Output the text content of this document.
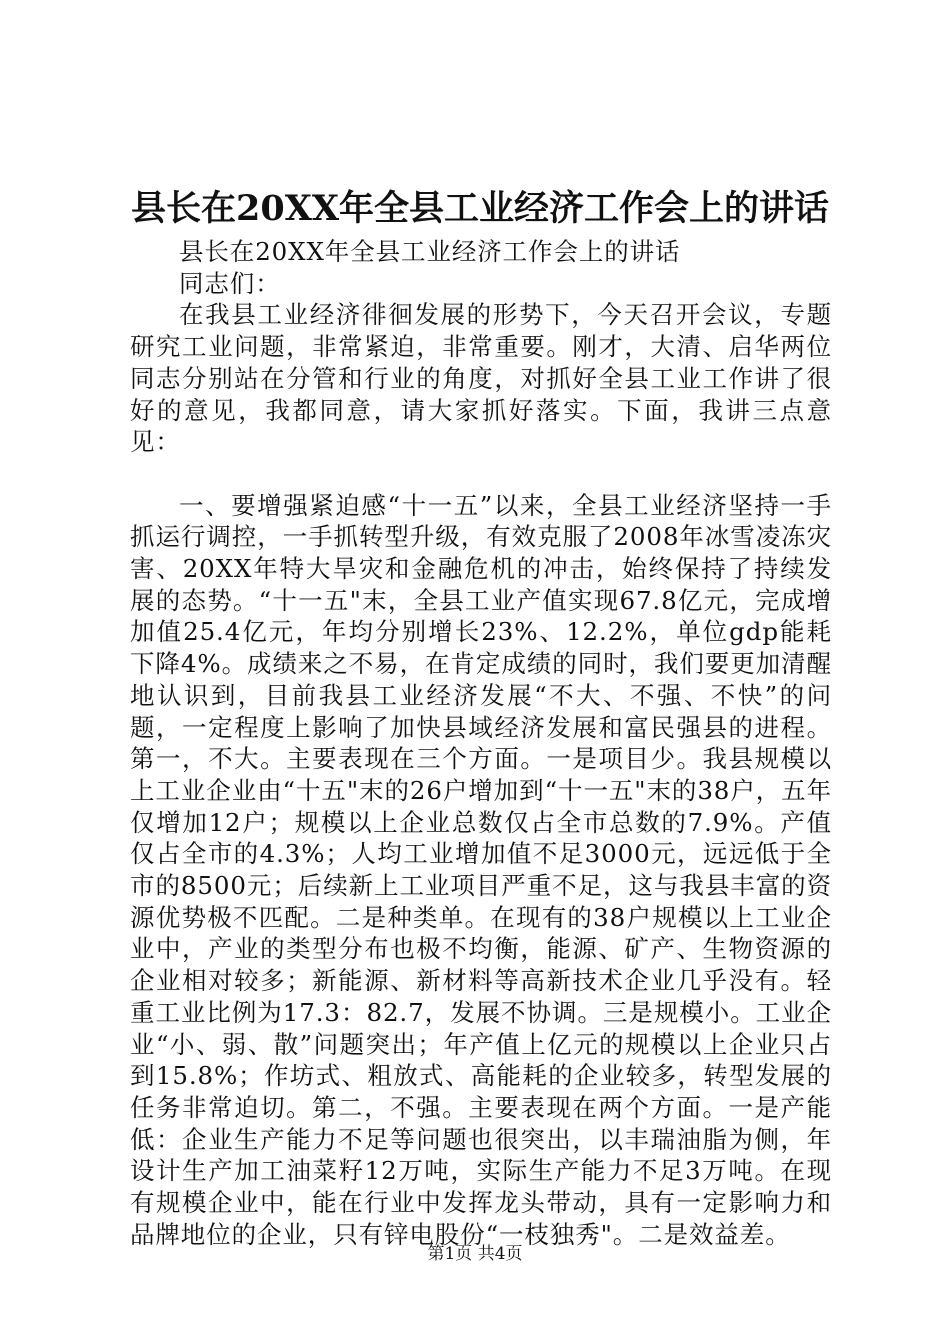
县长在20XX年全县工业经济工作会上的讲话

县长在20XX年全县工业经济工作会上的讲话

同志们：

在我县工业经济徘徊发展的形势下，今天召开会议，专题研究工业问题，非常紧迫，非常重要。刚才，大清、启华两位同志分别站在分管和行业的角度，对抓好全县工业工作讲了很好的意见，我都同意，请大家抓好落实。下面，我讲三点意见：

一、要增强紧迫感“十一五”以来，全县工业经济坚持一手抓运行调控，一手抓转型升级，有效克服了2008年冰雪凌冻灾害、20XX年特大旱灾和金融危机的冲击，始终保持了持续发展的态势。“十一五"末，全县工业产值实现67.8亿元，完成增加值25.4亿元，年均分别增长23%、12.2%，单位gdp能耗下降4%。成绩来之不易，在肯定成绩的同时，我们要更加清醒地认识到，目前我县工业经济发展“不大、不强、不快”的问题，一定程度上影响了加快县域经济发展和富民强县的进程。第一，不大。主要表现在三个方面。一是项目少。我县规模以上工业企业由“十五"末的26户增加到“十一五"末的38户，五年仅增加12户；规模以上企业总数仅占全市总数的7.9%。产值仅占全市的4.3%；人均工业增加值不足3000元，远远低于全市的8500元；后续新上工业项目严重不足，这与我县丰富的资源优势极不匹配。二是种类单。在现有的38户规模以上工业企业中，产业的类型分布也极不均衡，能源、矿产、生物资源的企业相对较多；新能源、新材料等高新技术企业几乎没有。轻重工业比例为17.3：82.7，发展不协调。三是规模小。工业企业“小、弱、散”问题突出；年产值上亿元的规模以上企业只占到15.8%；作坊式、粗放式、高能耗的企业较多，转型发展的任务非常迫切。第二，不强。主要表现在两个方面。一是产能低：企业生产能力不足等问题也很突出，以丰瑞油脂为侧，年设计生产加工油菜籽12万吨，实际生产能力不足3万吨。在现有规模企业中，能在行业中发挥龙头带动，具有一定影响力和品牌地位的企业，只有锌电股份“一枝独秀"。二是效益差。

第1页 共4页
